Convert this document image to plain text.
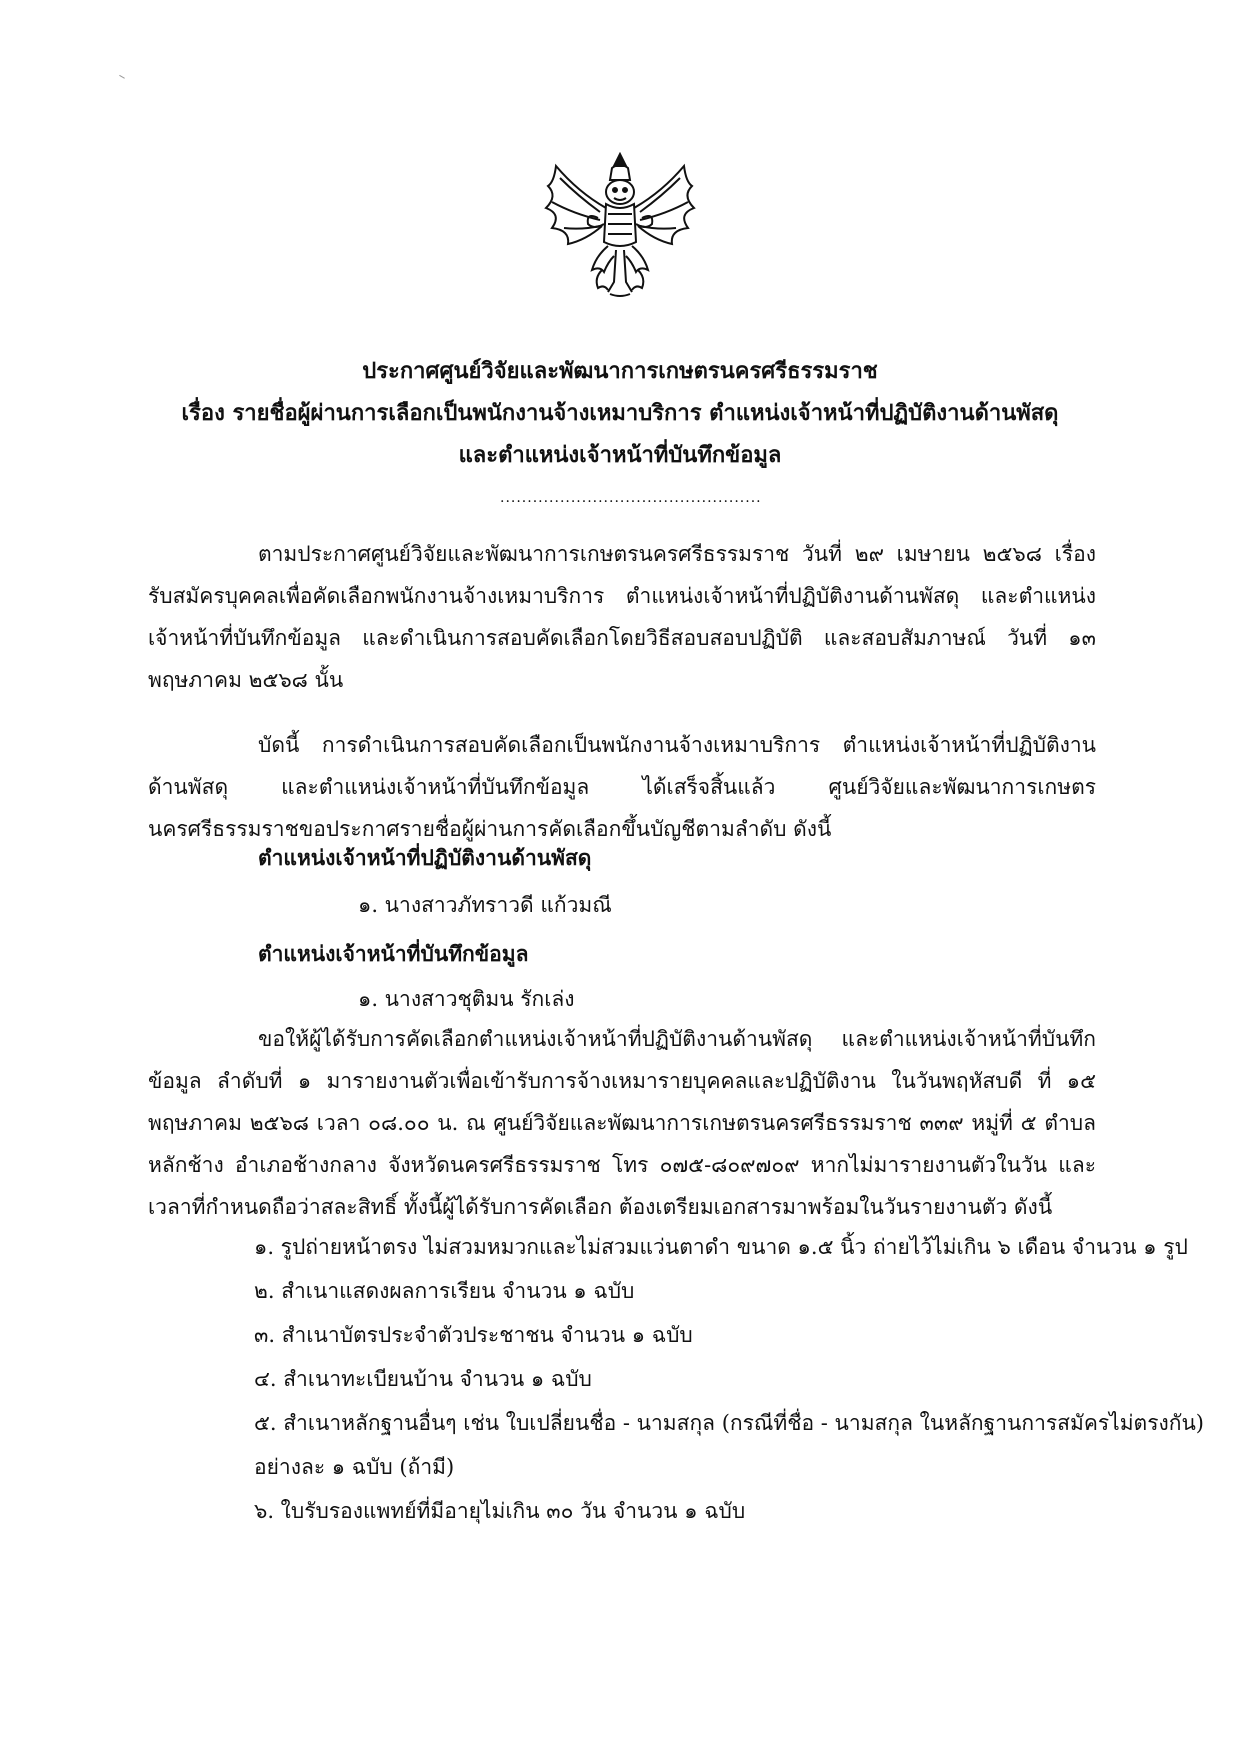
ประกาศศูนย์วิจัยและพัฒนาการเกษตรนครศรีธรรมราช
เรื่อง รายชื่อผู้ผ่านการเลือกเป็นพนักงานจ้างเหมาบริการ ตำแหน่งเจ้าหน้าที่ปฏิบัติงานด้านพัสดุ
และตำแหน่งเจ้าหน้าที่บันทึกข้อมูล
................................................
ตามประกาศศูนย์วิจัยและพัฒนาการเกษตรนครศรีธรรมราช วันที่ ๒๙ เมษายน ๒๕๖๘ เรื่อง รับสมัครบุคคลเพื่อคัดเลือกพนักงานจ้างเหมาบริการ ตำแหน่งเจ้าหน้าที่ปฏิบัติงานด้านพัสดุ และตำแหน่งเจ้าหน้าที่บันทึกข้อมูล และดำเนินการสอบคัดเลือกโดยวิธีสอบสอบปฏิบัติ และสอบสัมภาษณ์ วันที่ ๑๓ พฤษภาคม ๒๕๖๘ นั้น
บัดนี้ การดำเนินการสอบคัดเลือกเป็นพนักงานจ้างเหมาบริการ ตำแหน่งเจ้าหน้าที่ปฏิบัติงานด้านพัสดุ และตำแหน่งเจ้าหน้าที่บันทึกข้อมูล ได้เสร็จสิ้นแล้ว ศูนย์วิจัยและพัฒนาการเกษตรนครศรีธรรมราชขอประกาศรายชื่อผู้ผ่านการคัดเลือกขึ้นบัญชีตามลำดับ ดังนี้
ตำแหน่งเจ้าหน้าที่ปฏิบัติงานด้านพัสดุ
๑. นางสาวภัทราวดี แก้วมณี
ตำแหน่งเจ้าหน้าที่บันทึกข้อมูล
๑. นางสาวชุติมน รักเล่ง
ขอให้ผู้ได้รับการคัดเลือกตำแหน่งเจ้าหน้าที่ปฏิบัติงานด้านพัสดุ และตำแหน่งเจ้าหน้าที่บันทึกข้อมูล ลำดับที่ ๑ มารายงานตัวเพื่อเข้ารับการจ้างเหมารายบุคคลและปฏิบัติงาน ในวันพฤหัสบดี ที่ ๑๕ พฤษภาคม ๒๕๖๘ เวลา ๐๘.๐๐ น. ณ ศูนย์วิจัยและพัฒนาการเกษตรนครศรีธรรมราช ๓๓๙ หมู่ที่ ๕ ตำบลหลักช้าง อำเภอช้างกลาง จังหวัดนครศรีธรรมราช โทร ๐๗๕-๘๐๙๗๐๙ หากไม่มารายงานตัวในวัน และเวลาที่กำหนดถือว่าสละสิทธิ์ ทั้งนี้ผู้ได้รับการคัดเลือก ต้องเตรียมเอกสารมาพร้อมในวันรายงานตัว ดังนี้
๑. รูปถ่ายหน้าตรง ไม่สวมหมวกและไม่สวมแว่นตาดำ ขนาด ๑.๕ นิ้ว ถ่ายไว้ไม่เกิน ๖ เดือน จำนวน ๑ รูป
๒. สำเนาแสดงผลการเรียน จำนวน ๑ ฉบับ
๓. สำเนาบัตรประจำตัวประชาชน จำนวน ๑ ฉบับ
๔. สำเนาทะเบียนบ้าน จำนวน ๑ ฉบับ
๕. สำเนาหลักฐานอื่นๆ เช่น ใบเปลี่ยนชื่อ - นามสกุล (กรณีที่ชื่อ - นามสกุล ในหลักฐานการสมัครไม่ตรงกัน)
อย่างละ ๑ ฉบับ (ถ้ามี)
๖. ใบรับรองแพทย์ที่มีอายุไม่เกิน ๓๐ วัน จำนวน ๑ ฉบับ
